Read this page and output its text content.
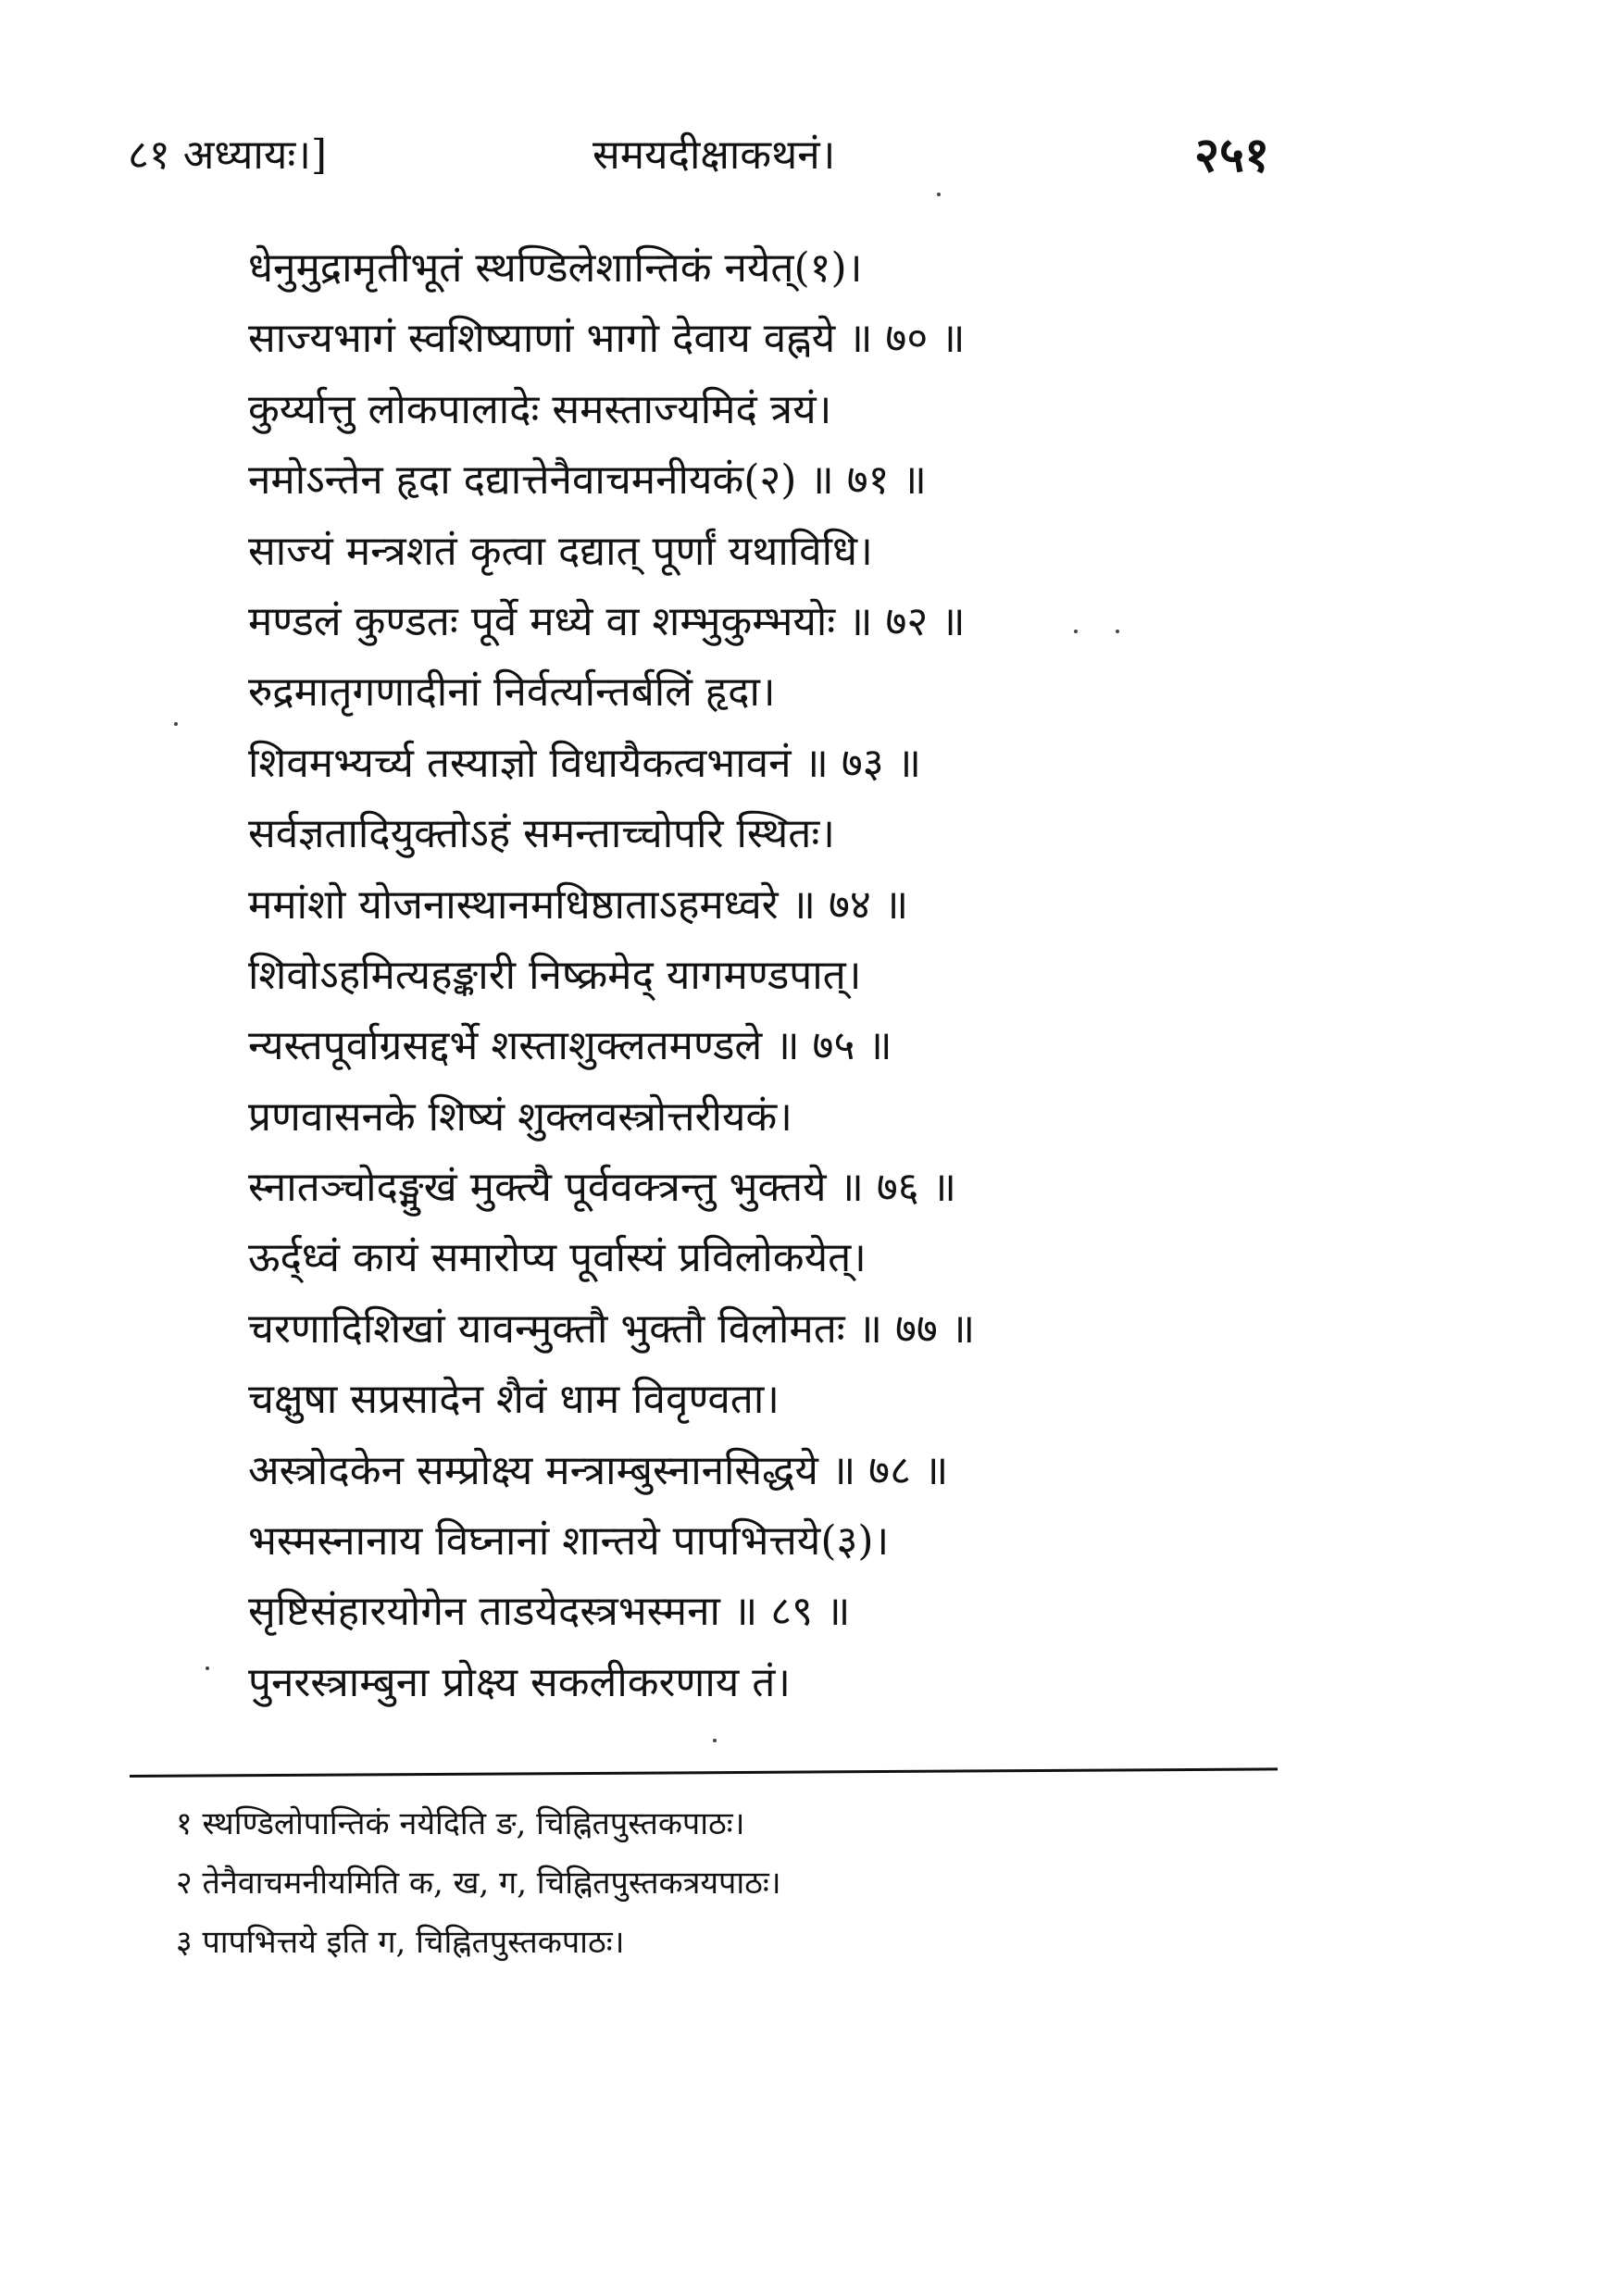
८१ अध्यायः।]	समयदीक्षाकथनं।	२५१
धेनुमुद्रामृतीभूतं स्थण्डिलेशान्तिकं नयेत्(१)।
साज्यभागं स्वशिष्याणां भागो देवाय वह्नये ॥ ७० ॥
कुर्य्यात्तु लोकपालादेः समस्ताज्यमिदं त्रयं।
नमोऽन्तेन हृदा दद्यात्तेनैवाचमनीयकं(२) ॥ ७१ ॥
साज्यं मन्त्रशतं कृत्वा दद्यात् पूर्णां यथाविधि।
मण्डलं कुण्डतः पूर्वे मध्ये वा शम्भुकुम्भयोः ॥ ७२ ॥
रुद्रमातृगणादीनां निर्वर्त्यान्तर्बलिं हृदा।
शिवमभ्यर्च्य तस्याज्ञो विधायैकत्वभावनं ॥ ७३ ॥
सर्वज्ञतादियुक्तोऽहं समन्ताच्चोपरि स्थितः।
ममांशो योजनास्थानमधिष्ठाताऽहमध्वरे ॥ ७४ ॥
शिवोऽहमित्यहङ्कारी निष्क्रमेद् यागमण्डपात्।
न्यस्तपूर्वाग्रसद्दर्भे शस्ताशुक्लतमण्डले ॥ ७५ ॥
प्रणवासनके शिष्यं शुक्लवस्त्रोत्तरीयकं।
स्नातञ्चोदङ्मुखं मुक्त्यै पूर्ववक्त्रन्तु भुक्तये ॥ ७६ ॥
ऊर्द्ध्वं कायं समारोप्य पूर्वास्यं प्रविलोकयेत्।
चरणादिशिखां यावन्मुक्तौ भुक्तौ विलोमतः ॥ ७७ ॥
चक्षुषा सप्रसादेन शैवं धाम विवृण्वता।
अस्त्रोदकेन सम्प्रोक्ष्य मन्त्राम्बुस्नानसिद्धये ॥ ७८ ॥
भस्मस्नानाय विघ्नानां शान्तये पापभित्तये(३)।
सृष्टिसंहारयोगेन ताडयेदस्त्रभस्मना ॥ ८९ ॥
पुनरस्त्राम्बुना प्रोक्ष्य सकलीकरणाय तं।
१ स्थण्डिलोपान्तिकं नयेदिति ङ, चिह्नितपुस्तकपाठः।
२ तेनैवाचमनीयमिति क, ख, ग, चिह्नितपुस्तकत्रयपाठः।
३ पापभित्तये इति ग, चिह्नितपुस्तकपाठः।
